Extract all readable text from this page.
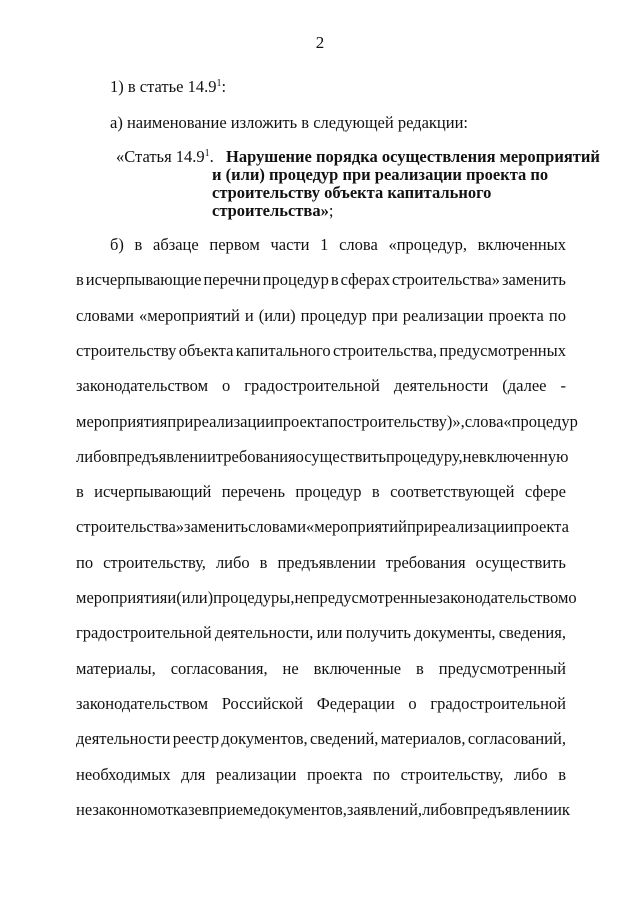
2
1) в статье 14.9$^1$:
а) наименование изложить в следующей редакции:
«Статья 14.9$^1$. Нарушение порядка осуществления мероприятий
и (или) процедур при реализации проекта по
строительству объекта капитального
строительства»;
б) в абзаце первом части 1 слова «процедур, включенных
в исчерпывающие перечни процедур в сферах строительства» заменить
словами «мероприятий и (или) процедур при реализации проекта по
строительству объекта капитального строительства, предусмотренных
законодательством о градостроительной деятельности (далее -
мероприятия при реализации проекта по строительству)», слова «процедур
либо в предъявлении требования осуществить процедуру, не включенную
в исчерпывающий перечень процедур в соответствующей сфере
строительства» заменить словами «мероприятий при реализации проекта
по строительству, либо в предъявлении требования осуществить
мероприятия и (или) процедуры, не предусмотренные законодательством о
градостроительной деятельности, или получить документы, сведения,
материалы, согласования, не включенные в предусмотренный
законодательством Российской Федерации о градостроительной
деятельности реестр документов, сведений, материалов, согласований,
необходимых для реализации проекта по строительству, либо в
незаконном отказе в приеме документов, заявлений, либо в предъявлении к
